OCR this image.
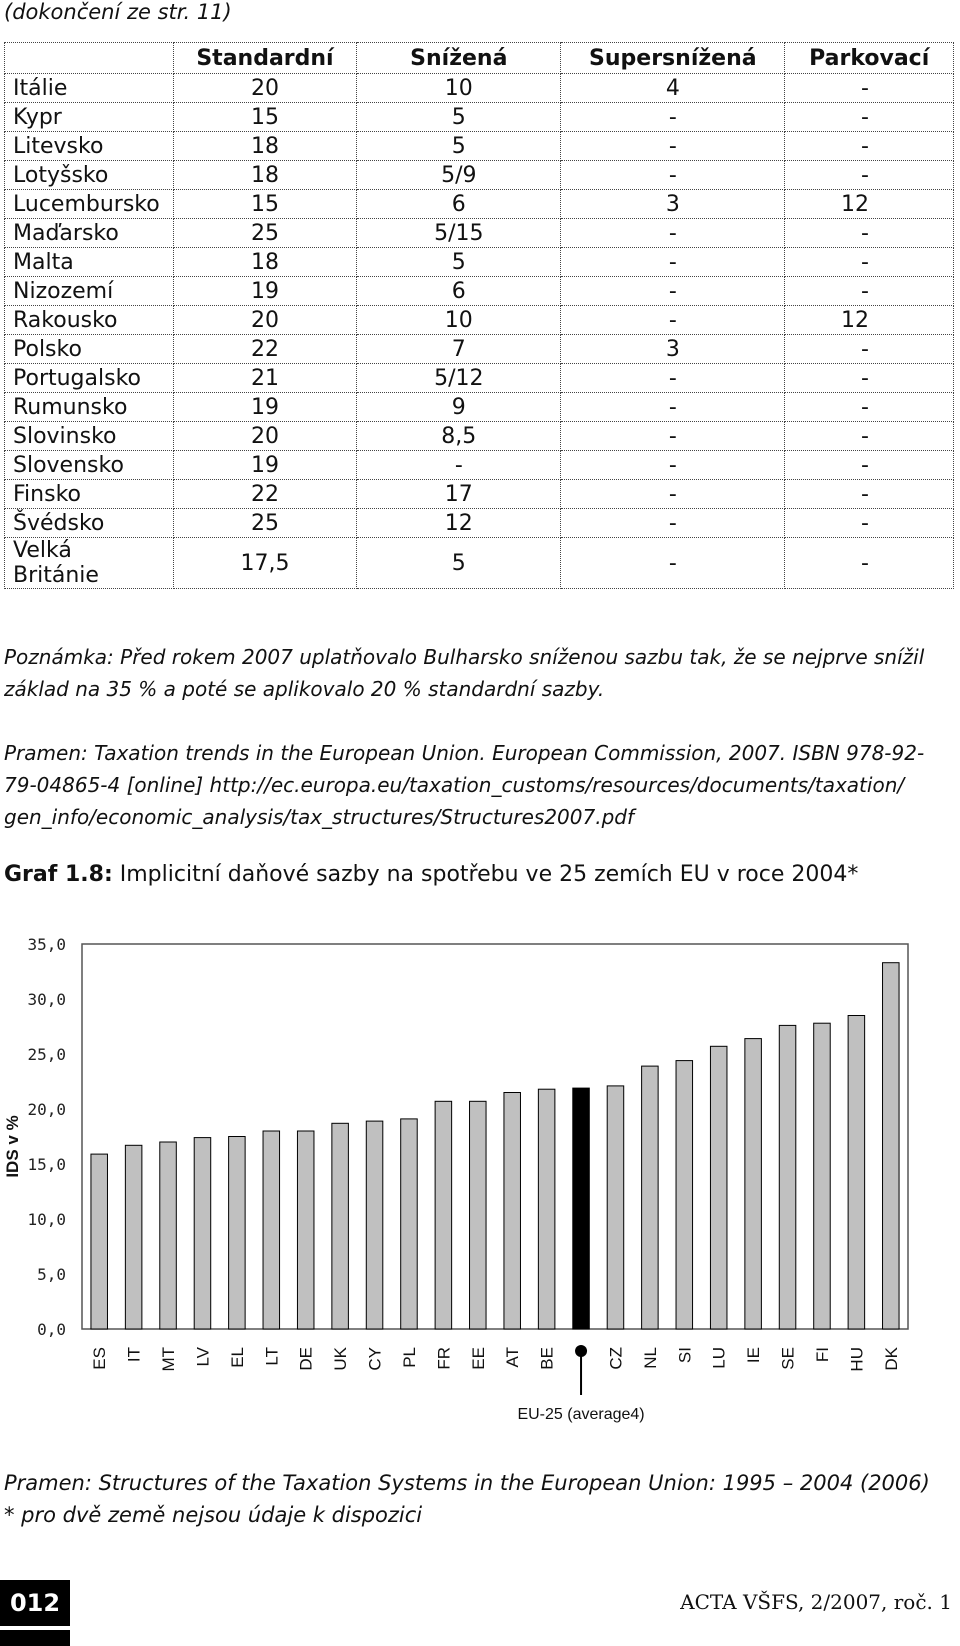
(dokončení ze str. 11)
	Standardní	Snížená	Supersnížená	Parkovací
Itálie	20	10	4	-
Kypr	15	5	-	-
Litevsko	18	5	-	-
Lotyšsko	18	5/9	-	-
Lucembursko	15	6	3	12
Maďarsko	25	5/15	-	-
Malta	18	5	-	-
Nizozemí	19	6	-	-
Rakousko	20	10	-	12
Polsko	22	7	3	-
Portugalsko	21	5/12	-	-
Rumunsko	19	9	-	-
Slovinsko	20	8,5	-	-
Slovensko	19	-	-	-
Finsko	22	17	-	-
Švédsko	25	12	-	-
Velká Británie	17,5	5	-	-
Poznámka: Před rokem 2007 uplatňovalo Bulharsko sníženou sazbu tak, že se nejprve snížil
základ na 35 % a poté se aplikovalo 20 % standardní sazby.
Pramen: Taxation trends in the European Union. European Commission, 2007. ISBN 978-92-
79-04865-4 [online] http://ec.europa.eu/taxation_customs/resources/documents/taxation/
gen_info/economic_analysis/tax_structures/Structures2007.pdf
Graf 1.8: Implicitní daňové sazby na spotřebu ve 25 zemích EU v roce 2004*
0,0
5,0
10,0
15,0
20,0
25,0
30,0
35,0
IDS v %
ES IT MT LV EL LT DE UK CY PL FR EE AT BE
EU-25 (average4)
CZ NL SI LU IE SE FI HU DK
Pramen: Structures of the Taxation Systems in the European Union: 1995 – 2004 (2006)
* pro dvě země nejsou údaje k dispozici
012	ACTA VŠFS, 2/2007, roč. 1
